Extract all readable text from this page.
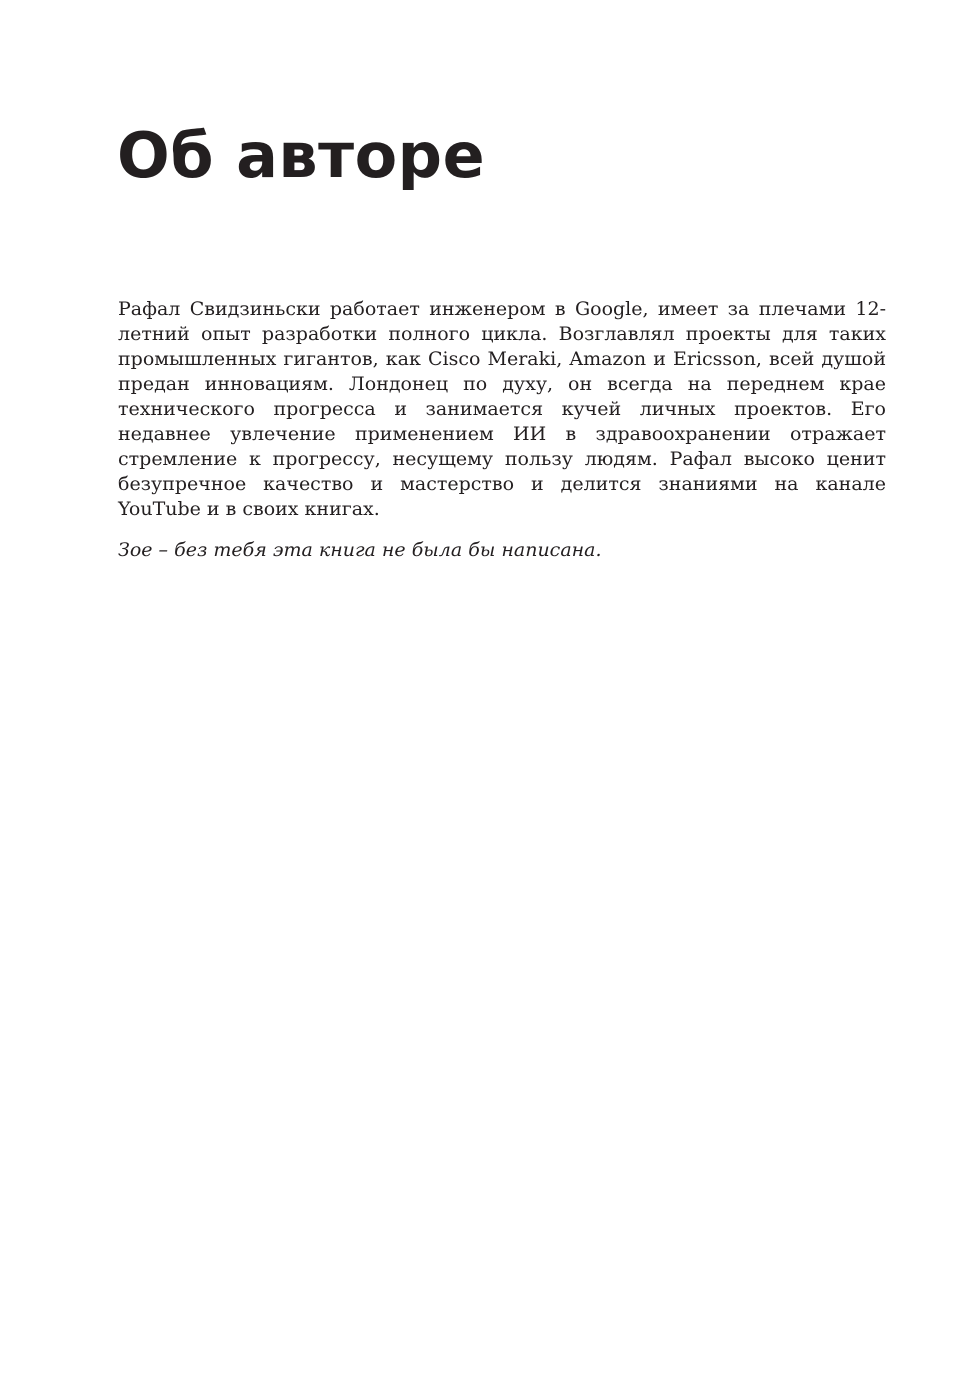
Об авторе

Рафал Свидзиньски работает инженером в Google, имеет за плечами 12-летний опыт разработки полного цикла. Возглавлял проекты для таких промышленных гигантов, как Cisco Meraki, Amazon и Ericsson, всей душой предан инновациям. Лондонец по духу, он всегда на переднем крае технического прогресса и занимается кучей личных проектов. Его недавнее увлечение применением ИИ в здравоохранении отражает стремление к прогрессу, несущему пользу людям. Рафал высоко ценит безупречное качество и мастерство и делится знаниями на канале YouTube и в своих книгах.

Зое – без тебя эта книга не была бы написана.
